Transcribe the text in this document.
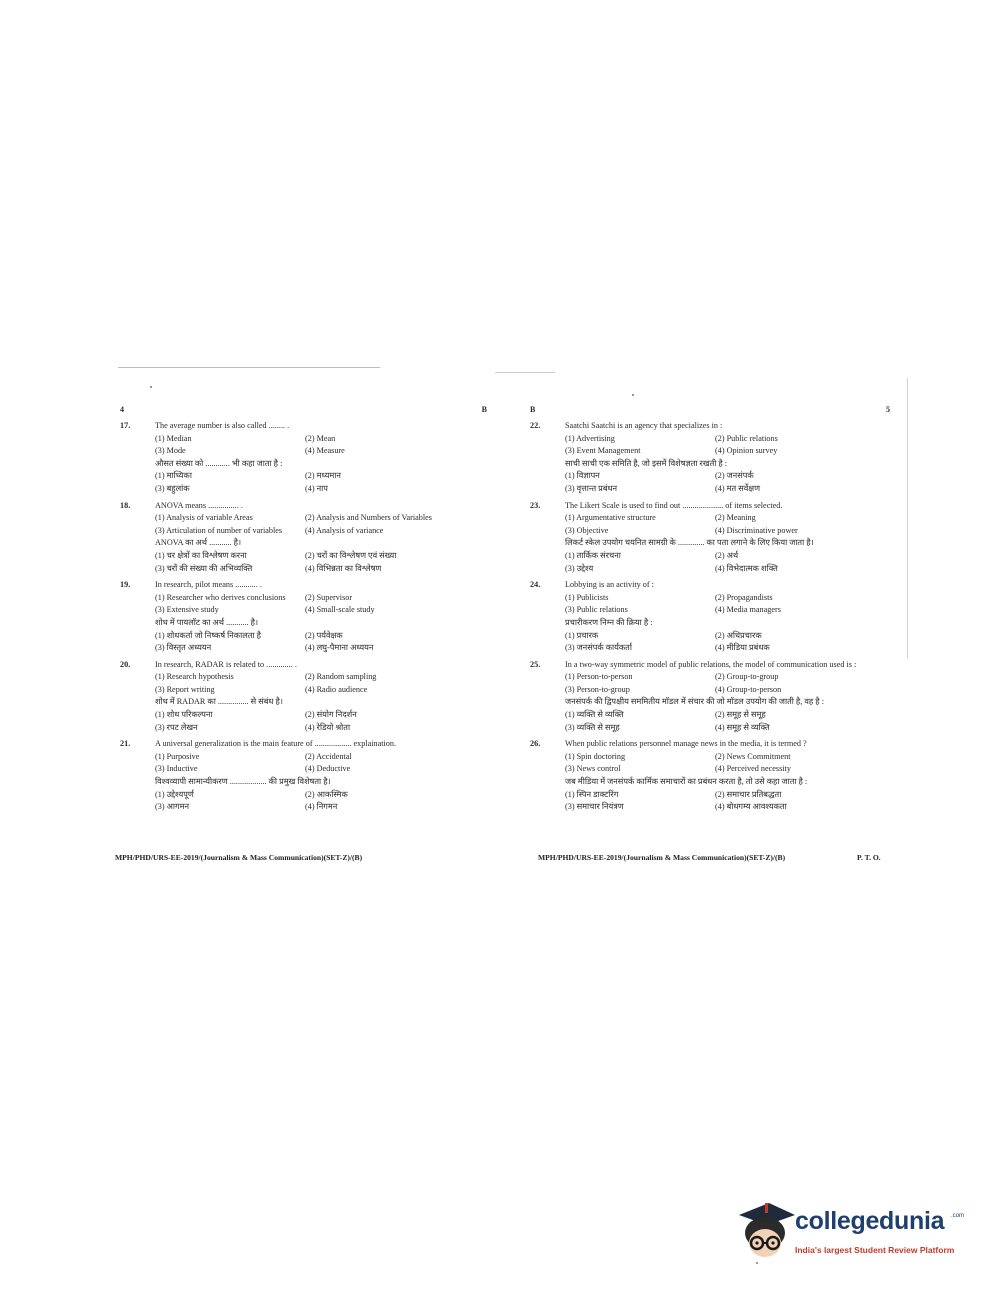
4	B
17.	The average number is also called ........ .
(1) Median	(2) Mean
(3) Mode	(4) Measure
औसत संख्या को ............ भी कहा जाता है :
(1) माध्यिका	(2) मध्यमान
(3) बहुलांक	(4) नाप
18.	ANOVA means ............... .
(1) Analysis of variable Areas	(2) Analysis and Numbers of Variables
(3) Articulation of number of variables	(4) Analysis of variance
ANOVA का अर्थ ........... है।
(1) चर क्षेत्रों का विश्लेषण करना	(2) चरों का विश्लेषण एवं संख्या
(3) चरों की संख्या की अभिव्यक्ति	(4) विभिन्नता का विश्लेषण
19.	In research, pilot means ........... .
(1) Researcher who derives conclusions	(2) Supervisor
(3) Extensive study	(4) Small-scale study
शोध में पायलॉट का अर्थ ........... है।
(1) शोधकर्ता जो निष्कर्ष निकालता है	(2) पर्यवेक्षक
(3) विस्तृत अध्ययन	(4) लघु-पैमाना अध्ययन
20.	In research, RADAR is related to ............. .
(1) Research hypothesis	(2) Random sampling
(3) Report writing	(4) Radio audience
शोध में RADAR का ............... से संबंध है।
(1) शोध परिकल्पना	(2) संयोग निदर्शन
(3) रपट लेखन	(4) रेडियो श्रोता
21.	A universal generalization is the main feature of .................. explaination.
(1) Purposive	(2) Accidental
(3) Inductive	(4) Deductive
विश्वव्यापी सामान्यीकरण .................. की प्रमुख विशेषता है।
(1) उद्देश्यपूर्ण	(2) आकस्मिक
(3) आगमन	(4) निगमन
B	5
22.	Saatchi Saatchi is an agency that specializes in :
(1) Advertising	(2) Public relations
(3) Event Management	(4) Opinion survey
साची साची एक समिति है, जो इसमें विशेषज्ञता रखती है :
(1) विज्ञापन	(2) जनसंपर्क
(3) वृत्तान्त प्रबंधन	(4) मत सर्वेक्षण
23.	The Likert Scale is used to find out .................... of items selected.
(1) Argumentative structure	(2) Meaning
(3) Objective	(4) Discriminative power
लिकर्ट स्केल उपयोग चयनित सामग्री के ............. का पता लगाने के लिए किया जाता है।
(1) तार्किक संरचना	(2) अर्थ
(3) उद्देश्य	(4) विभेदात्मक शक्ति
24.	Lobbying is an activity of :
(1) Publicists	(2) Propagandists
(3) Public relations	(4) Media managers
प्रचारीकरण निम्न की क्रिया है :
(1) प्रचारक	(2) अधिप्रचारक
(3) जनसंपर्क कार्यकर्ता	(4) मीडिया प्रबंधक
25.	In a two-way symmetric model of public relations, the model of communication used is :
(1) Person-to-person	(2) Group-to-group
(3) Person-to-group	(4) Group-to-person
जनसंपर्क की द्विपक्षीय सममितीय मॉडल में संचार की जो मॉडल उपयोग की जाती है, वह है :
(1) व्यक्ति से व्यक्ति	(2) समूह से समूह
(3) व्यक्ति से समूह	(4) समूह से व्यक्ति
26.	When public relations personnel manage news in the media, it is termed ?
(1) Spin doctoring	(2) News Commitment
(3) News control	(4) Perceived necessity
जब मीडिया में जनसंपर्क कार्मिक समाचारों का प्रबंधन करता है, तो उसे कहा जाता है :
(1) स्पिन डाक्टरिंग	(2) समाचार प्रतिबद्धता
(3) समाचार नियंत्रण	(4) बोधगम्य आवश्यकता
MPH/PHD/URS-EE-2019/(Journalism & Mass Communication)(SET-Z)/(B)	MPH/PHD/URS-EE-2019/(Journalism & Mass Communication)(SET-Z)/(B)	P. T. O.
collegedunia .com
India's largest Student Review Platform
